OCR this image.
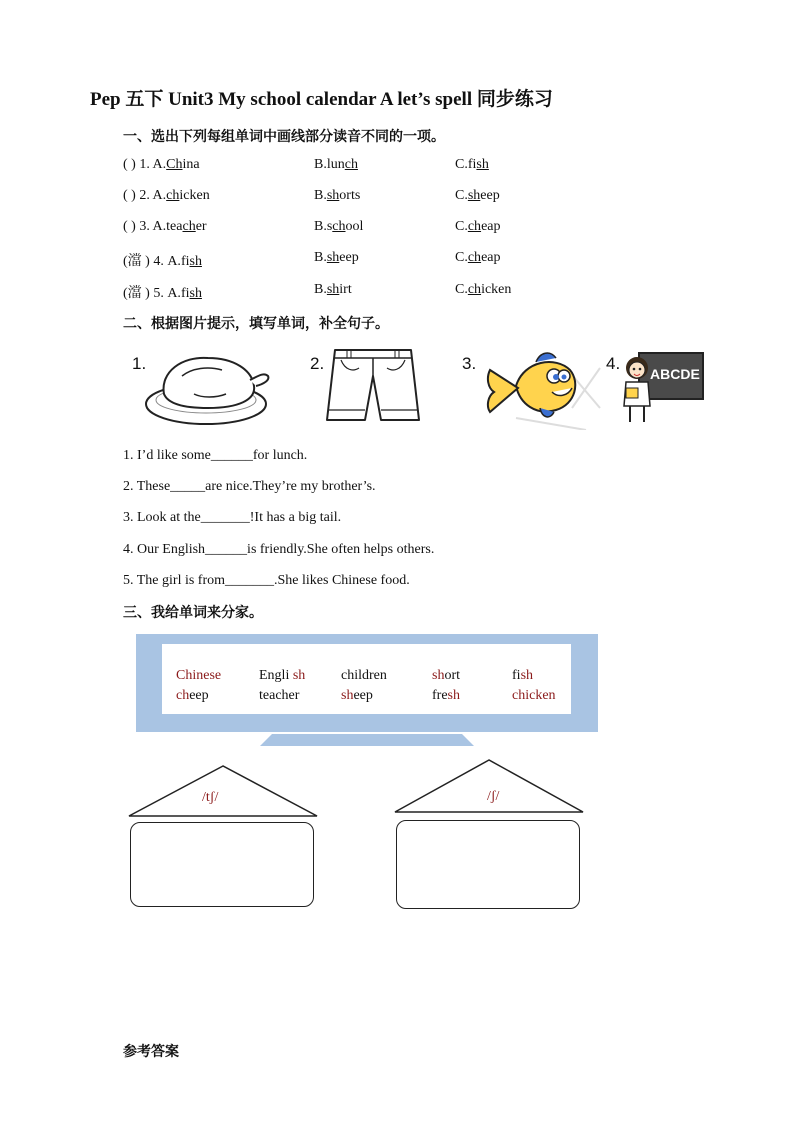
Pep 五下 Unit3 My school calendar A let’s spell 同步练习
一、选出下列每组单词中画线部分读音不同的一项。
( ) 1. A.China	B.lunch	C.fish
( ) 2. A.chicken	B.shorts	C.sheep
( ) 3. A.teacher	B.school	C.cheap
(澢 ) 4. A.fish	B.sheep	C.cheap
(澢 ) 5. A.fish	B.shirt	C.chicken
二、根据图片提示，填写单词，补全句子。
1.	2.	3.	4.
ABCDE
1. I’d like some______for lunch.
2. These_____are nice.They’re my brother’s.
3. Look at the_______!It has a big tail.
4. Our English______is friendly.She often helps others.
5. The girl is from_______.She likes Chinese food.
三、我给单词来分家。
Chinese	Engli sh	children	short	fish
cheep	teacher	sheep	fresh	chicken
/tʃ/	/ʃ/
参考答案
